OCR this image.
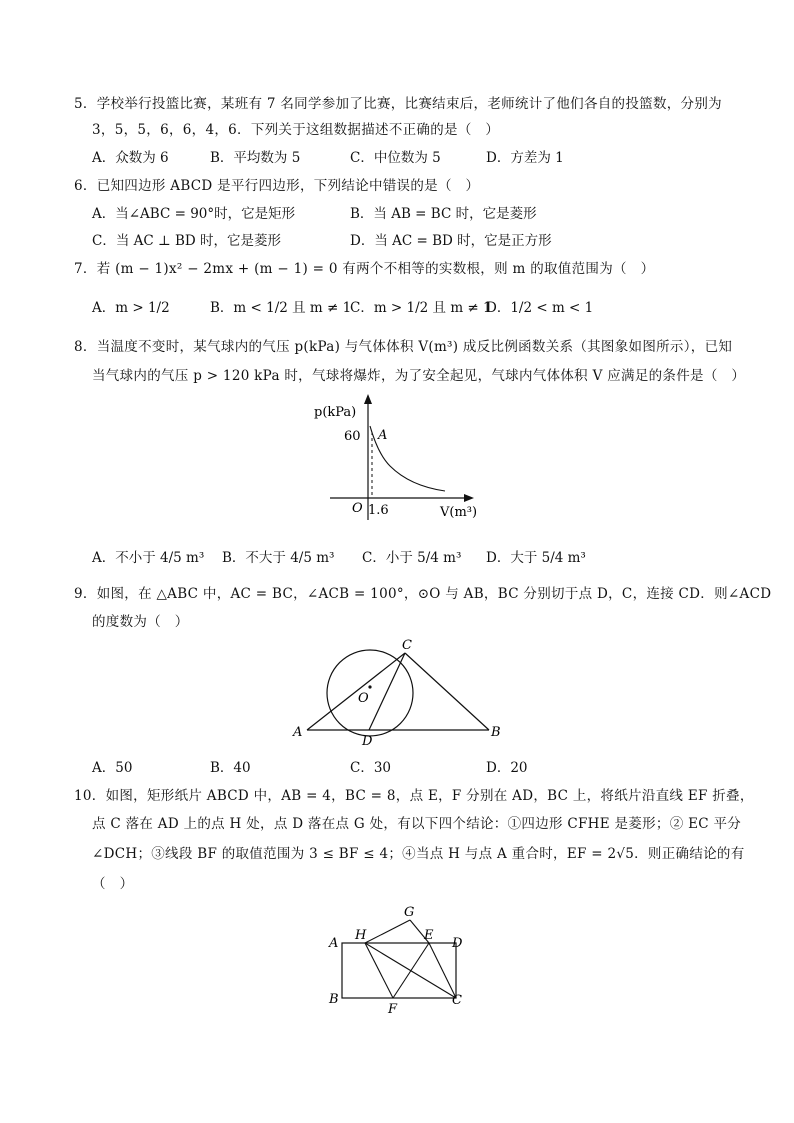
5．学校举行投篮比赛，某班有 7 名同学参加了比赛，比赛结束后，老师统计了他们各自的投篮数，分别为
3，5，5，6，6，4，6．下列关于这组数据描述不正确的是（　）
A．众数为 6	B．平均数为 5	C．中位数为 5	D．方差为 1
6．已知四边形 ABCD 是平行四边形，下列结论中错误的是（　）
A．当∠ABC = 90°时，它是矩形	B．当 AB = BC 时，它是菱形
C．当 AC ⊥ BD 时，它是菱形	D．当 AC = BD 时，它是正方形
7．若 (m − 1)x² − 2mx + (m − 1) = 0 有两个不相等的实数根，则 m 的取值范围为（　）
A．m > 1/2	B．m < 1/2 且 m ≠ 1
C．m > 1/2 且 m ≠ 1
D．1/2 < m < 1
8．当温度不变时，某气球内的气压 p(kPa) 与气体体积 V(m³) 成反比例函数关系（其图象如图所示），已知
当气球内的气压 p > 120 kPa 时，气球将爆炸，为了安全起见，气球内气体体积 V 应满足的条件是（　）
p(kPa)
60 A
O 1.6	V(m³)
A．不小于 4/5 m³ B．不大于 4/5 m³ C．小于 5/4 m³ D．大于 5/4 m³
9．如图，在 △ABC 中，AC = BC，∠ACB = 100°，⊙O 与 AB，BC 分别切于点 D，C，连接 CD．则∠ACD
的度数为（　）
A	B
C
D
O
A．50	B．40	C．30	D．20
10．如图，矩形纸片 ABCD 中，AB = 4，BC = 8，点 E，F 分别在 AD，BC 上，将纸片沿直线 EF 折叠，
点 C 落在 AD 上的点 H 处，点 D 落在点 G 处，有以下四个结论：①四边形 CFHE 是菱形；② EC 平分
∠DCH；③线段 BF 的取值范围为 3 ≤ BF ≤ 4；④当点 H 与点 A 重合时，EF = 2√5．则正确结论的有
（　）
A
B	C
D
E
F
G
H
